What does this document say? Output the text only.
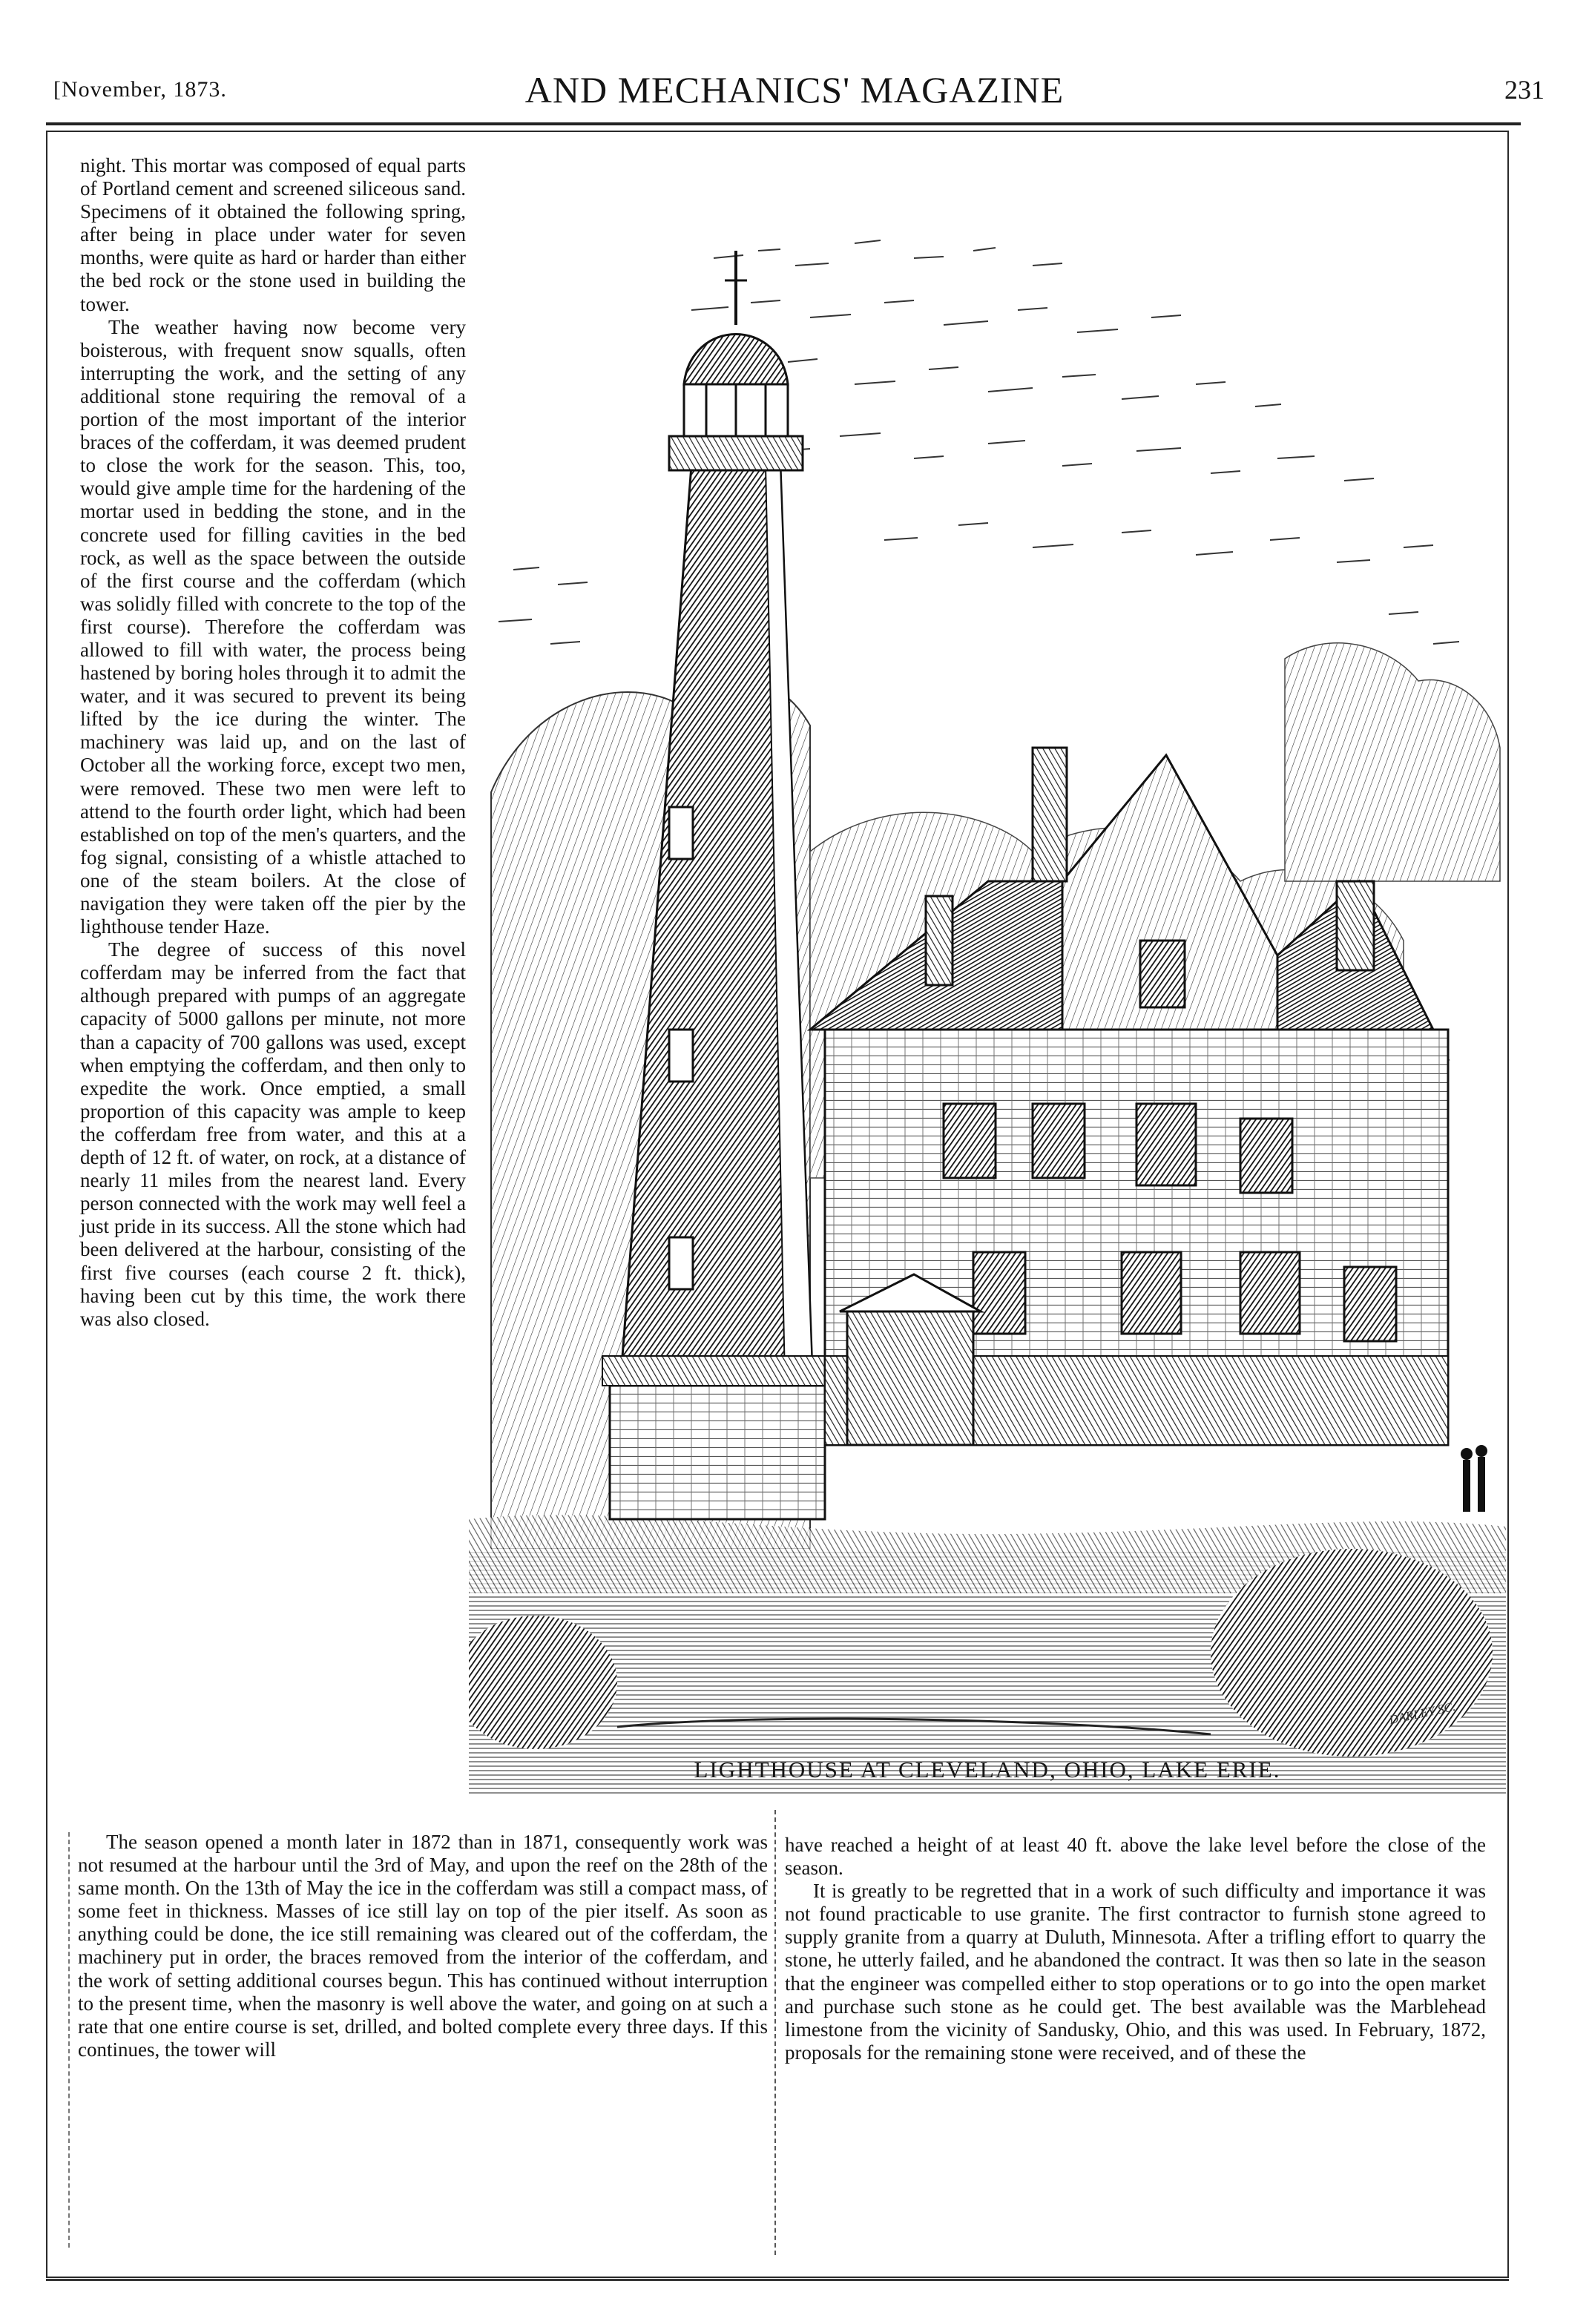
[November, 1873.	AND MECHANICS' MAGAZINE	231

night. This mortar was composed of equal parts of Portland cement and screened siliceous sand. Specimens of it obtained the following spring, after being in place under water for seven months, were quite as hard or harder than either the bed rock or the stone used in building the tower.

The weather having now become very boisterous, with frequent snow squalls, often interrupting the work, and the setting of any additional stone requiring the removal of a portion of the most important of the interior braces of the cofferdam, it was deemed prudent to close the work for the season. This, too, would give ample time for the hardening of the mortar used in bedding the stone, and in the concrete used for filling cavities in the bed rock, as well as the space between the outside of the first course and the cofferdam (which was solidly filled with concrete to the top of the first course). Therefore the cofferdam was allowed to fill with water, the process being hastened by boring holes through it to admit the water, and it was secured to prevent its being lifted by the ice during the winter. The machinery was laid up, and on the last of October all the working force, except two men, were removed. These two men were left to attend to the fourth order light, which had been established on top of the men's quarters, and the fog signal, consisting of a whistle attached to one of the steam boilers. At the close of navigation they were taken off the pier by the lighthouse tender Haze.

The degree of success of this novel cofferdam may be inferred from the fact that although prepared with pumps of an aggregate capacity of 5000 gallons per minute, not more than a capacity of 700 gallons was used, except when emptying the cofferdam, and then only to expedite the work. Once emptied, a small proportion of this capacity was ample to keep the cofferdam free from water, and this at a depth of 12 ft. of water, on rock, at a distance of nearly 11 miles from the nearest land. Every person connected with the work may well feel a just pride in its success. All the stone which had been delivered at the harbour, consisting of the first five courses (each course 2 ft. thick), having been cut by this time, the work there was also closed.

DARLEY SC.
LIGHTHOUSE AT CLEVELAND, OHIO, LAKE ERIE.

The season opened a month later in 1872 than in 1871, consequently work was not resumed at the harbour until the 3rd of May, and upon the reef on the 28th of the same month. On the 13th of May the ice in the cofferdam was still a compact mass, of some feet in thickness. Masses of ice still lay on top of the pier itself. As soon as anything could be done, the ice still remaining was cleared out of the cofferdam, the machinery put in order, the braces removed from the interior of the cofferdam, and the work of setting additional courses begun. This has continued without interruption to the present time, when the masonry is well above the water, and going on at such a rate that one entire course is set, drilled, and bolted complete every three days. If this continues, the tower will

have reached a height of at least 40 ft. above the lake level before the close of the season.

It is greatly to be regretted that in a work of such difficulty and importance it was not found practicable to use granite. The first contractor to furnish stone agreed to supply granite from a quarry at Duluth, Minnesota. After a trifling effort to quarry the stone, he utterly failed, and he abandoned the contract. It was then so late in the season that the engineer was compelled either to stop operations or to go into the open market and purchase such stone as he could get. The best available was the Marblehead limestone from the vicinity of Sandusky, Ohio, and this was used. In February, 1872, proposals for the remaining stone were received, and of these the
